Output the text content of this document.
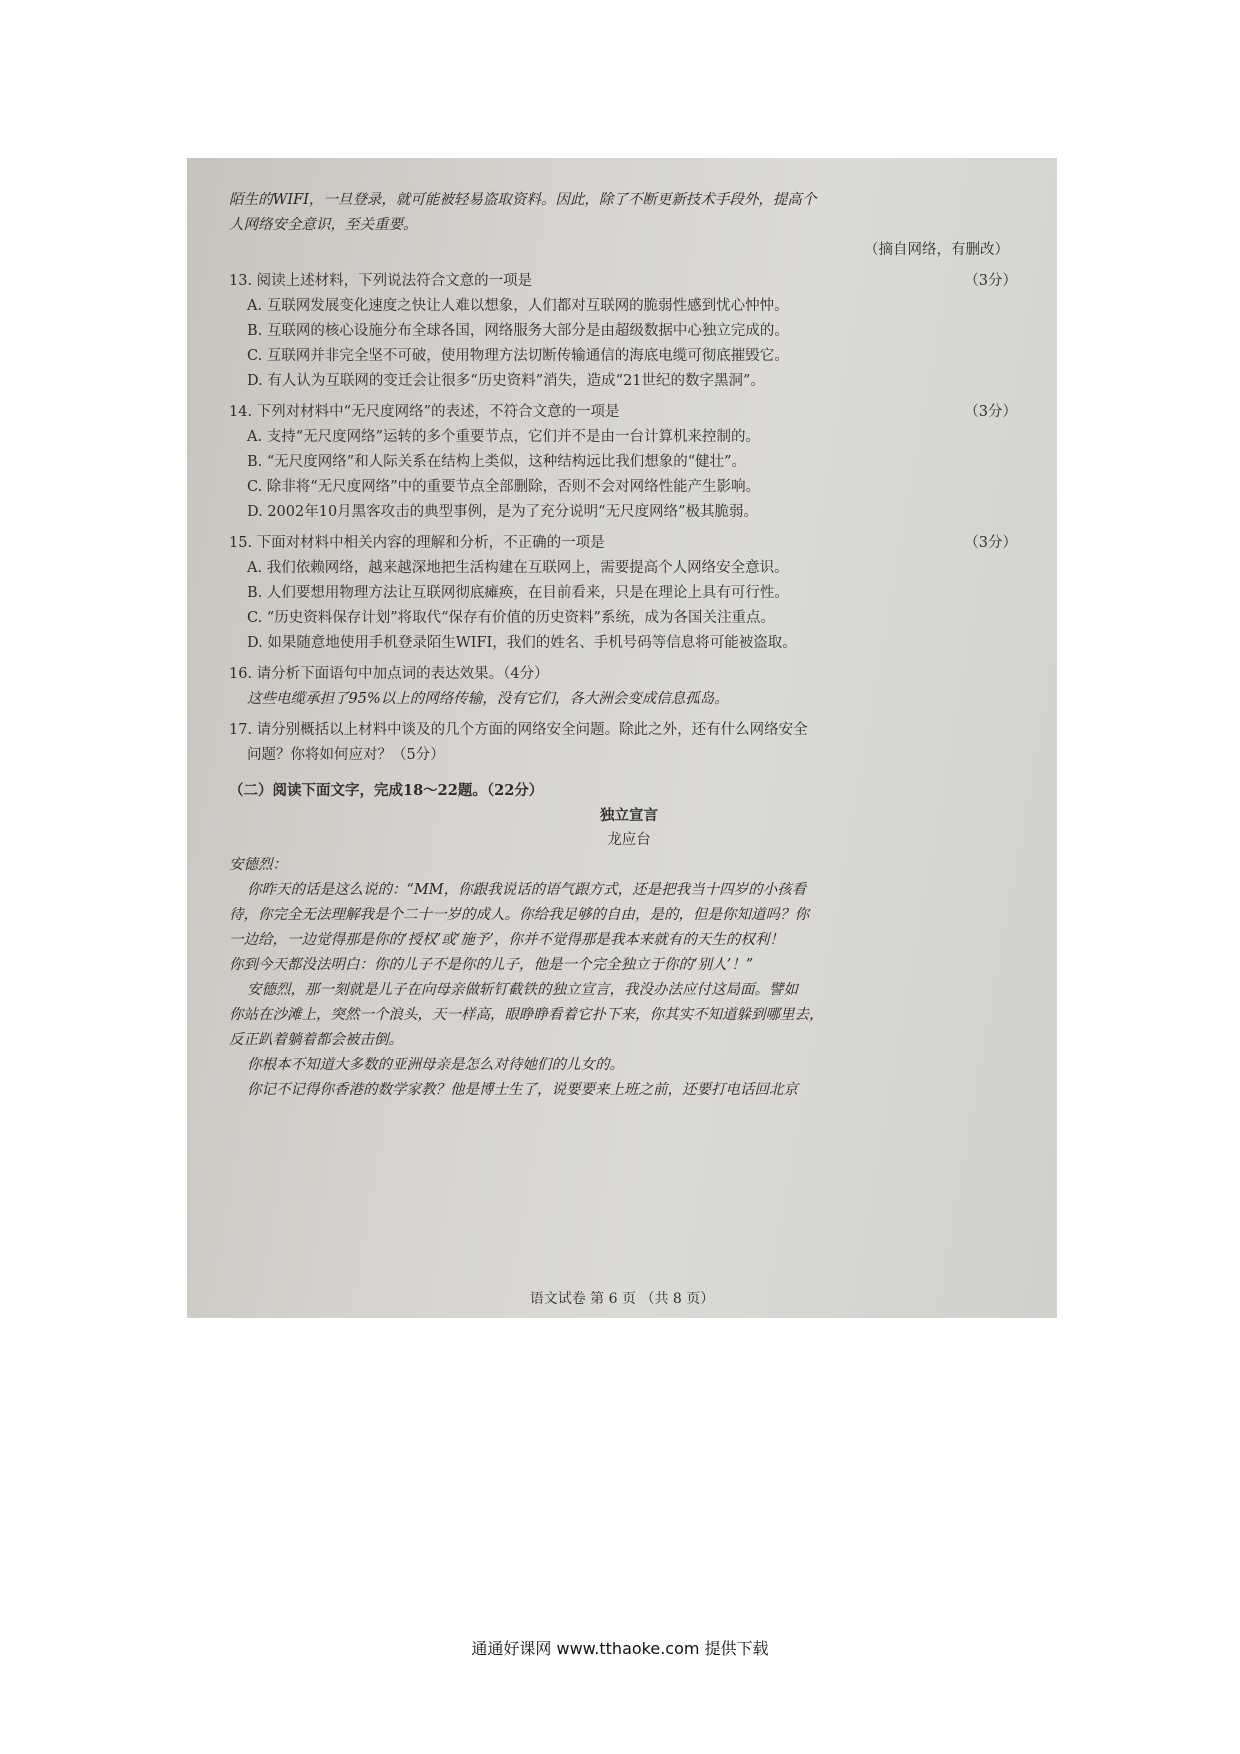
陌生的WIFI，一旦登录，就可能被轻易盗取资料。因此，除了不断更新技术手段外，提高个
人网络安全意识，至关重要。
（摘自网络，有删改）
13. 阅读上述材料，下列说法符合文意的一项是	（3分）
A. 互联网发展变化速度之快让人难以想象，人们都对互联网的脆弱性感到忧心忡忡。
B. 互联网的核心设施分布全球各国，网络服务大部分是由超级数据中心独立完成的。
C. 互联网并非完全坚不可破，使用物理方法切断传输通信的海底电缆可彻底摧毁它。
D. 有人认为互联网的变迁会让很多“历史资料”消失，造成“21世纪的数字黑洞”。
14. 下列对材料中“无尺度网络”的表述，不符合文意的一项是	（3分）
A. 支持“无尺度网络”运转的多个重要节点，它们并不是由一台计算机来控制的。
B. “无尺度网络”和人际关系在结构上类似，这种结构远比我们想象的“健壮”。
C. 除非将“无尺度网络”中的重要节点全部删除，否则不会对网络性能产生影响。
D. 2002年10月黑客攻击的典型事例，是为了充分说明“无尺度网络”极其脆弱。
15. 下面对材料中相关内容的理解和分析，不正确的一项是	（3分）
A. 我们依赖网络，越来越深地把生活构建在互联网上，需要提高个人网络安全意识。
B. 人们要想用物理方法让互联网彻底瘫痪，在目前看来，只是在理论上具有可行性。
C. “历史资料保存计划”将取代“保存有价值的历史资料”系统，成为各国关注重点。
D. 如果随意地使用手机登录陌生WIFI，我们的姓名、手机号码等信息将可能被盗取。
16. 请分析下面语句中加点词的表达效果。（4分）
这些电缆承担了95%以上的网络传输，没有它们，各大洲会变成信息孤岛。
17. 请分别概括以上材料中谈及的几个方面的网络安全问题。除此之外，还有什么网络安全
问题？你将如何应对？（5分）
（二）阅读下面文字，完成18～22题。（22分）
独立宣言
龙应台
安德烈：
你昨天的话是这么说的：“MM，你跟我说话的语气跟方式，还是把我当十四岁的小孩看
待，你完全无法理解我是个二十一岁的成人。你给我足够的自由，是的，但是你知道吗？你
一边给，一边觉得那是你的‘授权’或‘施予’，你并不觉得那是我本来就有的天生的权利！
你到今天都没法明白：你的儿子不是你的儿子，他是一个完全独立于你的‘别人’！”
安德烈，那一刻就是儿子在向母亲做斩钉截铁的独立宣言，我没办法应付这局面。譬如
你站在沙滩上，突然一个浪头，天一样高，眼睁睁看着它扑下来，你其实不知道躲到哪里去，
反正趴着躺着都会被击倒。
你根本不知道大多数的亚洲母亲是怎么对待她们的儿女的。
你记不记得你香港的数学家教？他是博士生了，说要要来上班之前，还要打电话回北京
语文试卷 第 6 页 （共 8 页）
通通好课网 www.tthaoke.com 提供下载
